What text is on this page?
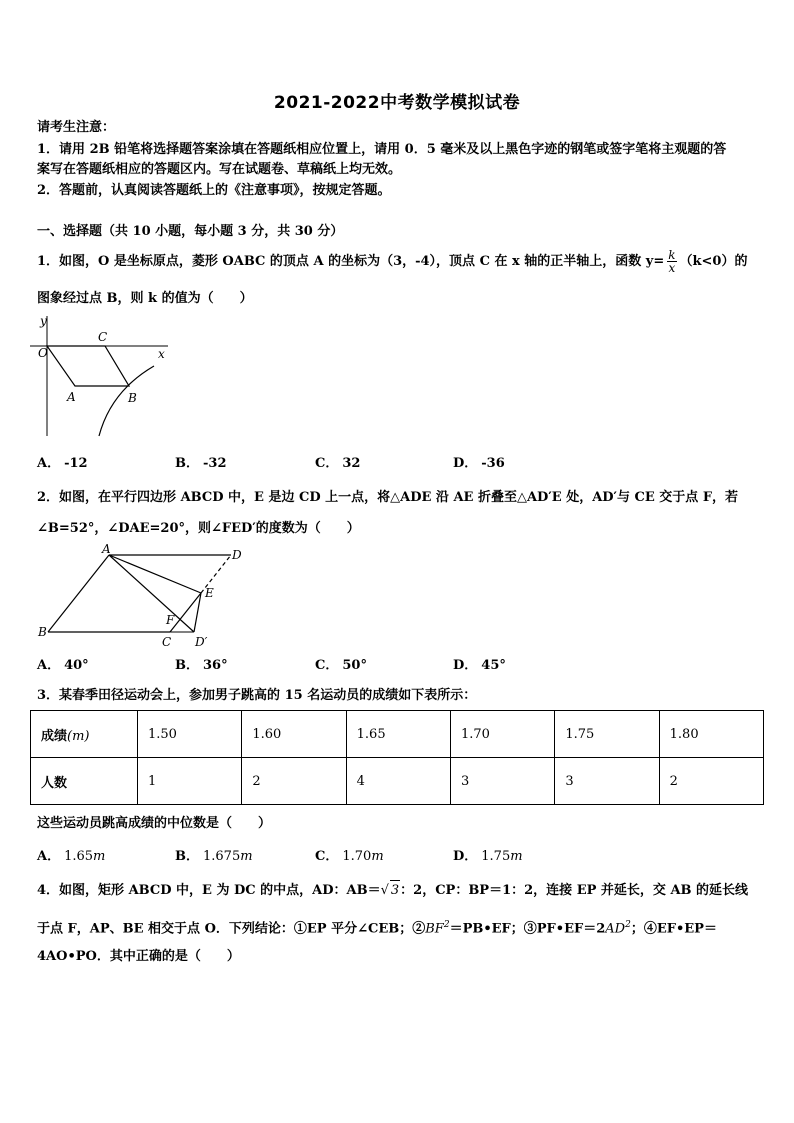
2021-2022中考数学模拟试卷
请考生注意：
1．请用 2B 铅笔将选择题答案涂填在答题纸相应位置上，请用 0．5 毫米及以上黑色字迹的钢笔或签字笔将主观题的答
案写在答题纸相应的答题区内。写在试题卷、草稿纸上均无效。
2．答题前，认真阅读答题纸上的《注意事项》，按规定答题。
一、选择题（共 10 小题，每小题 3 分，共 30 分）
1．如图，O 是坐标原点，菱形 OABC 的顶点 A 的坐标为（3，-4），顶点 C 在 x 轴的正半轴上，函数 $y= \frac{k}{x} (k<0)$的
图象经过点 B，则 k 的值为（　　）
y
O
C
x
A	B
A． -12	B． -32	C． 32	D． -36
2．如图，在平行四边形 ABCD 中，E 是边 CD 上一点，将△ADE 沿 AE 折叠至△AD′E 处，AD′与 CE 交于点 F，若
∠B=52°，∠DAE=20°，则∠FED′的度数为（　　）
A	D
E
F
B
C D′
A． 40°	B． 36°	C． 50°	D． 45°
3．某春季田径运动会上，参加男子跳高的 15 名运动员的成绩如下表所示：
成绩(m)	1.50	1.60	1.65	1.70	1.75	1.80
人数	1	2	4	3	3	2
这些运动员跳高成绩的中位数是（　　）
A． 1.65m	B． 1.675m	C． 1.70m	D． 1.75m
4．如图，矩形 ABCD 中，E 为 DC 的中点，AD：AB＝√ 3：2，CP：BP＝1：2，连接 EP 并延长，交 AB 的延长线
于点 F，AP、BE 相交于点 O．下列结论：①EP 平分∠CEB；$②BF^2=PB•EF$；$③PF•EF=2AD^2$；④EF•EP＝
4AO•PO．其中正确的是（　　）
